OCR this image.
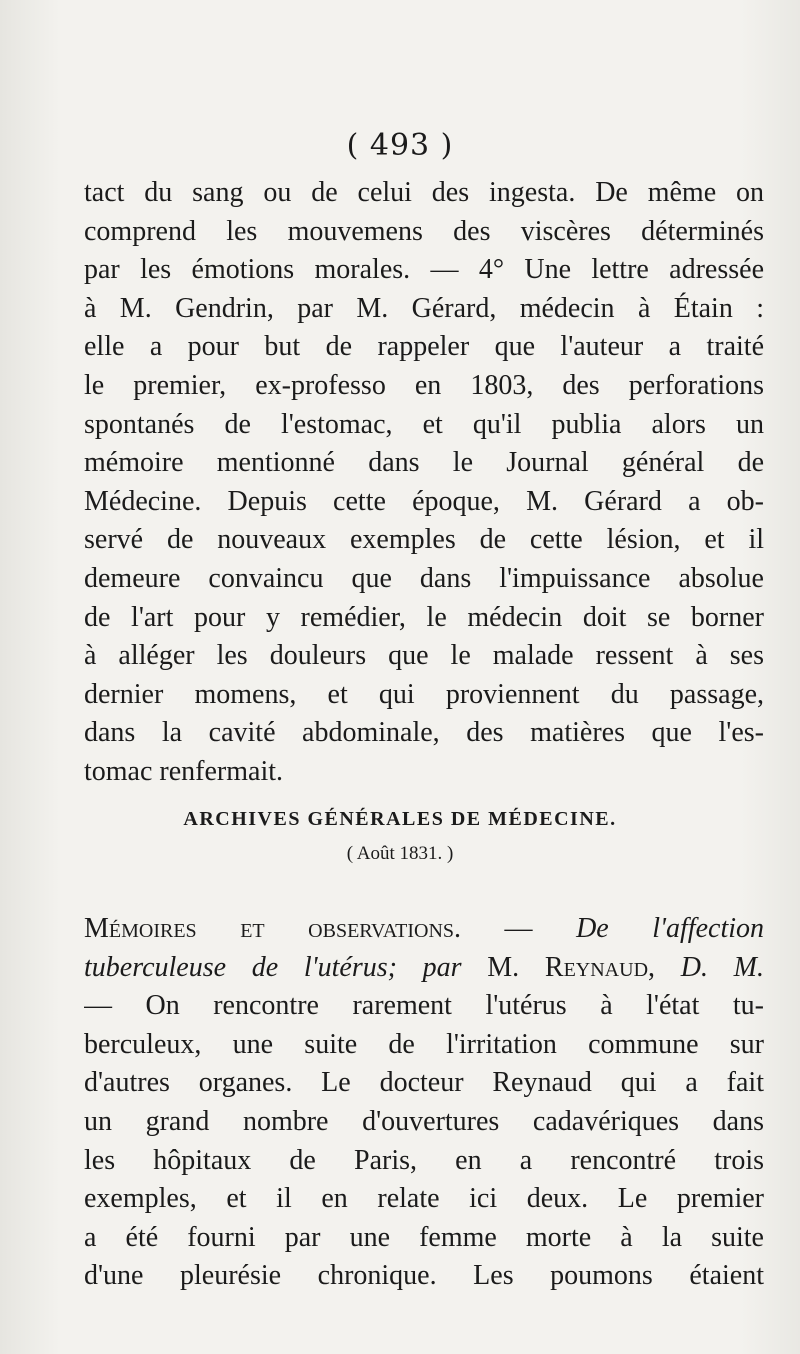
( 493 )
tact du sang ou de celui des ingesta. De même on
comprend les mouvemens des viscères déterminés
par les émotions morales. — 4° Une lettre adressée
à M. Gendrin, par M. Gérard, médecin à Étain :
elle a pour but de rappeler que l'auteur a traité
le premier, ex-professo en 1803, des perforations
spontanés de l'estomac, et qu'il publia alors un
mémoire mentionné dans le Journal général de
Médecine. Depuis cette époque, M. Gérard a ob-
servé de nouveaux exemples de cette lésion, et il
demeure convaincu que dans l'impuissance absolue
de l'art pour y remédier, le médecin doit se borner
à alléger les douleurs que le malade ressent à ses
dernier momens, et qui proviennent du passage,
dans la cavité abdominale, des matières que l'es-
tomac renfermait.
ARCHIVES GÉNÉRALES DE MÉDECINE.
( Août 1831. )
Mémoires et observations. — De l'affection
tuberculeuse de l'utérus; par M. Reynaud, D. M.
— On rencontre rarement l'utérus à l'état tu-
berculeux, une suite de l'irritation commune sur
d'autres organes. Le docteur Reynaud qui a fait
un grand nombre d'ouvertures cadavériques dans
les hôpitaux de Paris, en a rencontré trois
exemples, et il en relate ici deux. Le premier
a été fourni par une femme morte à la suite
d'une pleurésie chronique. Les poumons étaient
